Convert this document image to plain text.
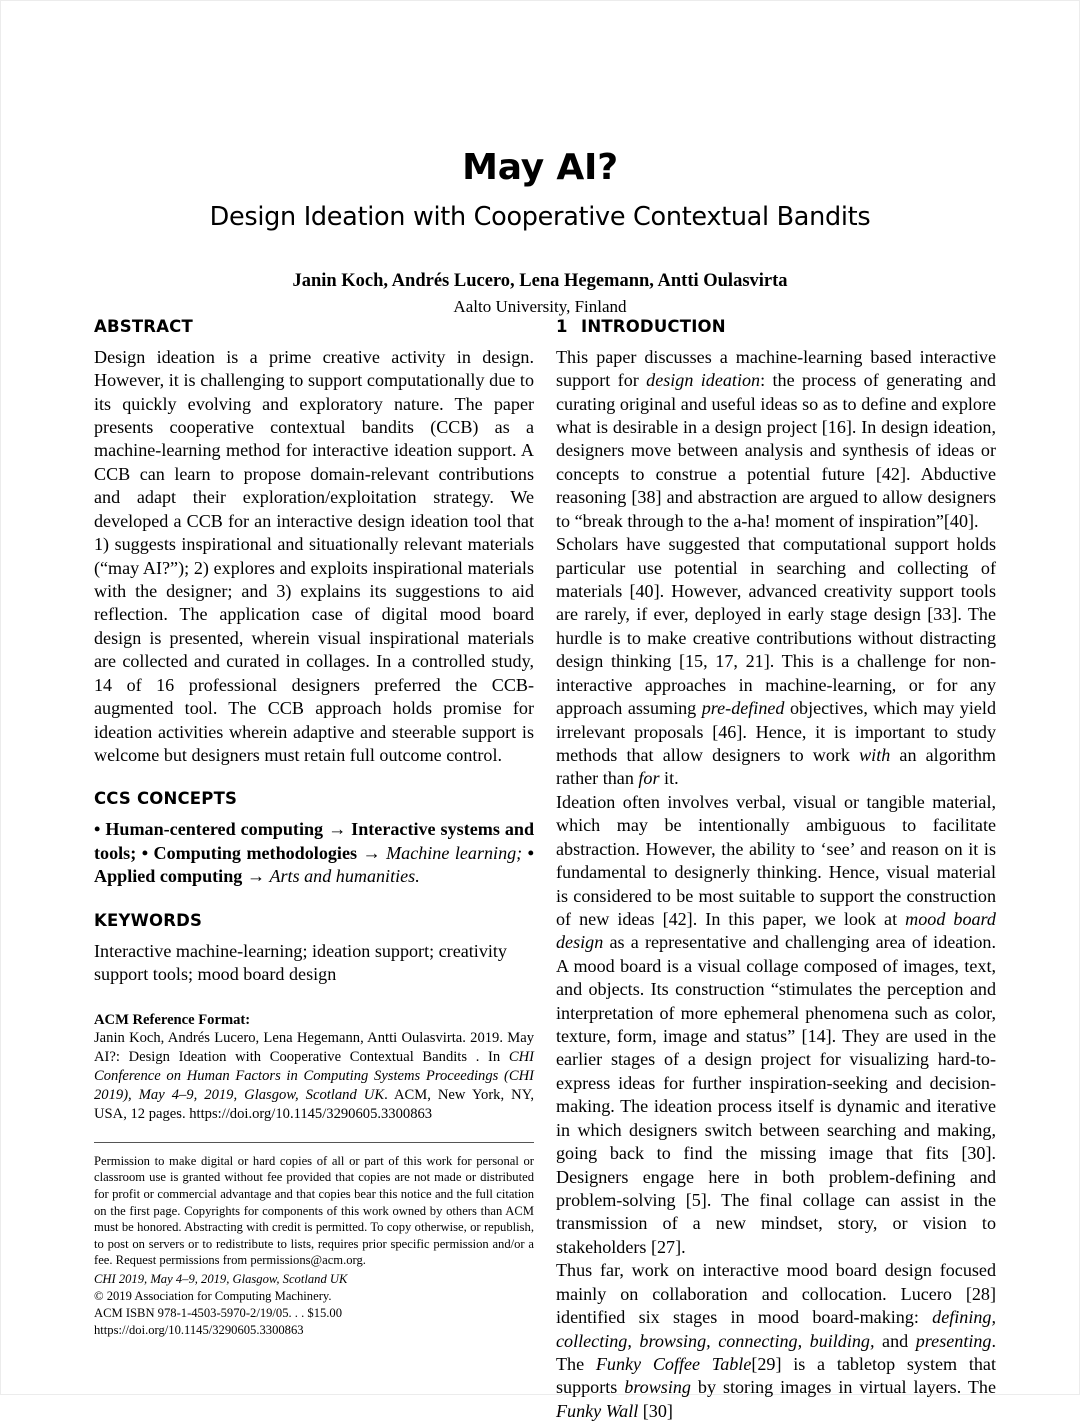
May AI?
Design Ideation with Cooperative Contextual Bandits
Janin Koch, Andrés Lucero, Lena Hegemann, Antti Oulasvirta
Aalto University, Finland
ABSTRACT

Design ideation is a prime creative activity in design. However, it is challenging to support computationally due to its quickly evolving and exploratory nature. The paper presents cooperative contextual bandits (CCB) as a machine-learning method for interactive ideation support. A CCB can learn to propose domain-relevant contributions and adapt their exploration/exploitation strategy. We developed a CCB for an interactive design ideation tool that 1) suggests inspirational and situationally relevant materials (“may AI?”); 2) explores and exploits inspirational materials with the designer; and 3) explains its suggestions to aid reflection. The application case of digital mood board design is presented, wherein visual inspirational materials are collected and curated in collages. In a controlled study, 14 of 16 professional designers preferred the CCB-augmented tool. The CCB approach holds promise for ideation activities wherein adaptive and steerable support is welcome but designers must retain full outcome control.

CCS CONCEPTS

• Human-centered computing → Interactive systems and tools; • Computing methodologies → Machine learning; • Applied computing → Arts and humanities.

KEYWORDS

Interactive machine-learning; ideation support; creativity support tools; mood board design

ACM Reference Format:
Janin Koch, Andrés Lucero, Lena Hegemann, Antti Oulasvirta. 2019. May AI?: Design Ideation with Cooperative Contextual Bandits . In CHI Conference on Human Factors in Computing Systems Proceedings (CHI 2019), May 4–9, 2019, Glasgow, Scotland UK. ACM, New York, NY, USA, 12 pages. https://doi.org/10.1145/3290605.3300863

Permission to make digital or hard copies of all or part of this work for personal or classroom use is granted without fee provided that copies are not made or distributed for profit or commercial advantage and that copies bear this notice and the full citation on the first page. Copyrights for components of this work owned by others than ACM must be honored. Abstracting with credit is permitted. To copy otherwise, or republish, to post on servers or to redistribute to lists, requires prior specific permission and/or a fee. Request permissions from permissions@acm.org.

CHI 2019, May 4–9, 2019, Glasgow, Scotland UK
© 2019 Association for Computing Machinery.
ACM ISBN 978-1-4503-5970-2/19/05. . . $15.00
https://doi.org/10.1145/3290605.3300863
1 INTRODUCTION

This paper discusses a machine-learning based interactive support for design ideation: the process of generating and curating original and useful ideas so as to define and explore what is desirable in a design project [16]. In design ideation, designers move between analysis and synthesis of ideas or concepts to construe a potential future [42]. Abductive reasoning [38] and abstraction are argued to allow designers to “break through to the a-ha! moment of inspiration”[40].

Scholars have suggested that computational support holds particular use potential in searching and collecting of materials [40]. However, advanced creativity support tools are rarely, if ever, deployed in early stage design [33]. The hurdle is to make creative contributions without distracting design thinking [15, 17, 21]. This is a challenge for non-interactive approaches in machine-learning, or for any approach assuming pre-defined objectives, which may yield irrelevant proposals [46]. Hence, it is important to study methods that allow designers to work with an algorithm rather than for it.

Ideation often involves verbal, visual or tangible material, which may be intentionally ambiguous to facilitate abstraction. However, the ability to ‘see’ and reason on it is fundamental to designerly thinking. Hence, visual material is considered to be most suitable to support the construction of new ideas [42]. In this paper, we look at mood board design as a representative and challenging area of ideation. A mood board is a visual collage composed of images, text, and objects. Its construction “stimulates the perception and interpretation of more ephemeral phenomena such as color, texture, form, image and status” [14]. They are used in the earlier stages of a design project for visualizing hard-to-express ideas for further inspiration-seeking and decision-making. The ideation process itself is dynamic and iterative in which designers switch between searching and making, going back to find the missing image that fits [30]. Designers engage here in both problem-defining and problem-solving [5]. The final collage can assist in the transmission of a new mindset, story, or vision to stakeholders [27].

Thus far, work on interactive mood board design focused mainly on collaboration and collocation. Lucero [28] identified six stages in mood board-making: defining, collecting, browsing, connecting, building, and presenting. The Funky Coffee Table[29] is a tabletop system that supports browsing by storing images in virtual layers. The Funky Wall [30]
